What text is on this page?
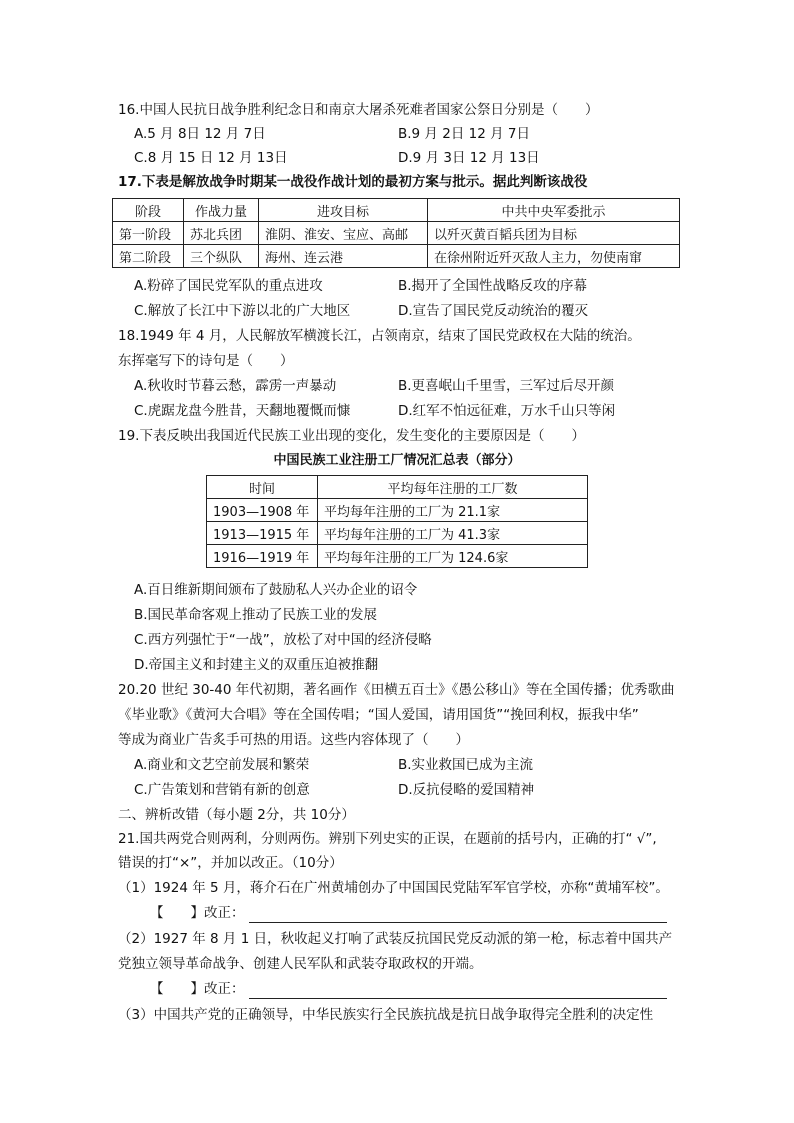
16.中国人民抗日战争胜利纪念日和南京大屠杀死难者国家公祭日分别是（　　）
A.5 月 8日 12 月 7日	B.9 月 2日 12 月 7日
C.8 月 15 日 12 月 13日	D.9 月 3日 12 月 13日
17.下表是解放战争时期某一战役作战计划的最初方案与批示。据此判断该战役
阶段	作战力量	进攻目标	中共中央军委批示
第一阶段	苏北兵团	淮阴、淮安、宝应、高邮	以歼灭黄百韬兵团为目标
第二阶段	三个纵队	海州、连云港	在徐州附近歼灭敌人主力，勿使南窜
A.粉碎了国民党军队的重点进攻	B.揭开了全国性战略反攻的序幕
C.解放了长江中下游以北的广大地区	D.宣告了国民党反动统治的覆灭
18.1949 年 4 月，人民解放军横渡长江，占领南京，结束了国民党政权在大陆的统治。
东挥毫写下的诗句是（　　）
A.秋收时节暮云愁，霹雳一声暴动	B.更喜岷山千里雪，三军过后尽开颜
C.虎踞龙盘今胜昔，天翻地覆慨而慷	D.红军不怕远征难，万水千山只等闲
19.下表反映出我国近代民族工业出现的变化，发生变化的主要原因是（　　）
中国民族工业注册工厂情况汇总表（部分）
时间	平均每年注册的工厂数
1903—1908 年	平均每年注册的工厂为 21.1家
1913—1915 年	平均每年注册的工厂为 41.3家
1916—1919 年	平均每年注册的工厂为 124.6家
A.百日维新期间颁布了鼓励私人兴办企业的诏令
B.国民革命客观上推动了民族工业的发展
C.西方列强忙于“一战”，放松了对中国的经济侵略
D.帝国主义和封建主义的双重压迫被推翻
20.20 世纪 30-40 年代初期，著名画作《田横五百士》《愚公移山》等在全国传播；优秀歌曲
《毕业歌》《黄河大合唱》等在全国传唱；“国人爱国，请用国货”“挽回利权，振我中华”
等成为商业广告炙手可热的用语。这些内容体现了（　　）
A.商业和文艺空前发展和繁荣	B.实业救国已成为主流
C.广告策划和营销有新的创意	D.反抗侵略的爱国精神
二、辨析改错（每小题 2分，共 10分）
21.国共两党合则两利，分则两伤。辨别下列史实的正误，在题前的括号内，正确的打“ √”,
错误的打“×”，并加以改正。（10分）
（1）1924 年 5 月，蒋介石在广州黄埔创办了中国国民党陆军军官学校，亦称“黄埔军校”。
【　　】改正：
（2）1927 年 8 月 1 日，秋收起义打响了武装反抗国民党反动派的第一枪，标志着中国共产
党独立领导革命战争、创建人民军队和武装夺取政权的开端。
【　　】改正：
（3）中国共产党的正确领导，中华民族实行全民族抗战是抗日战争取得完全胜利的决定性
